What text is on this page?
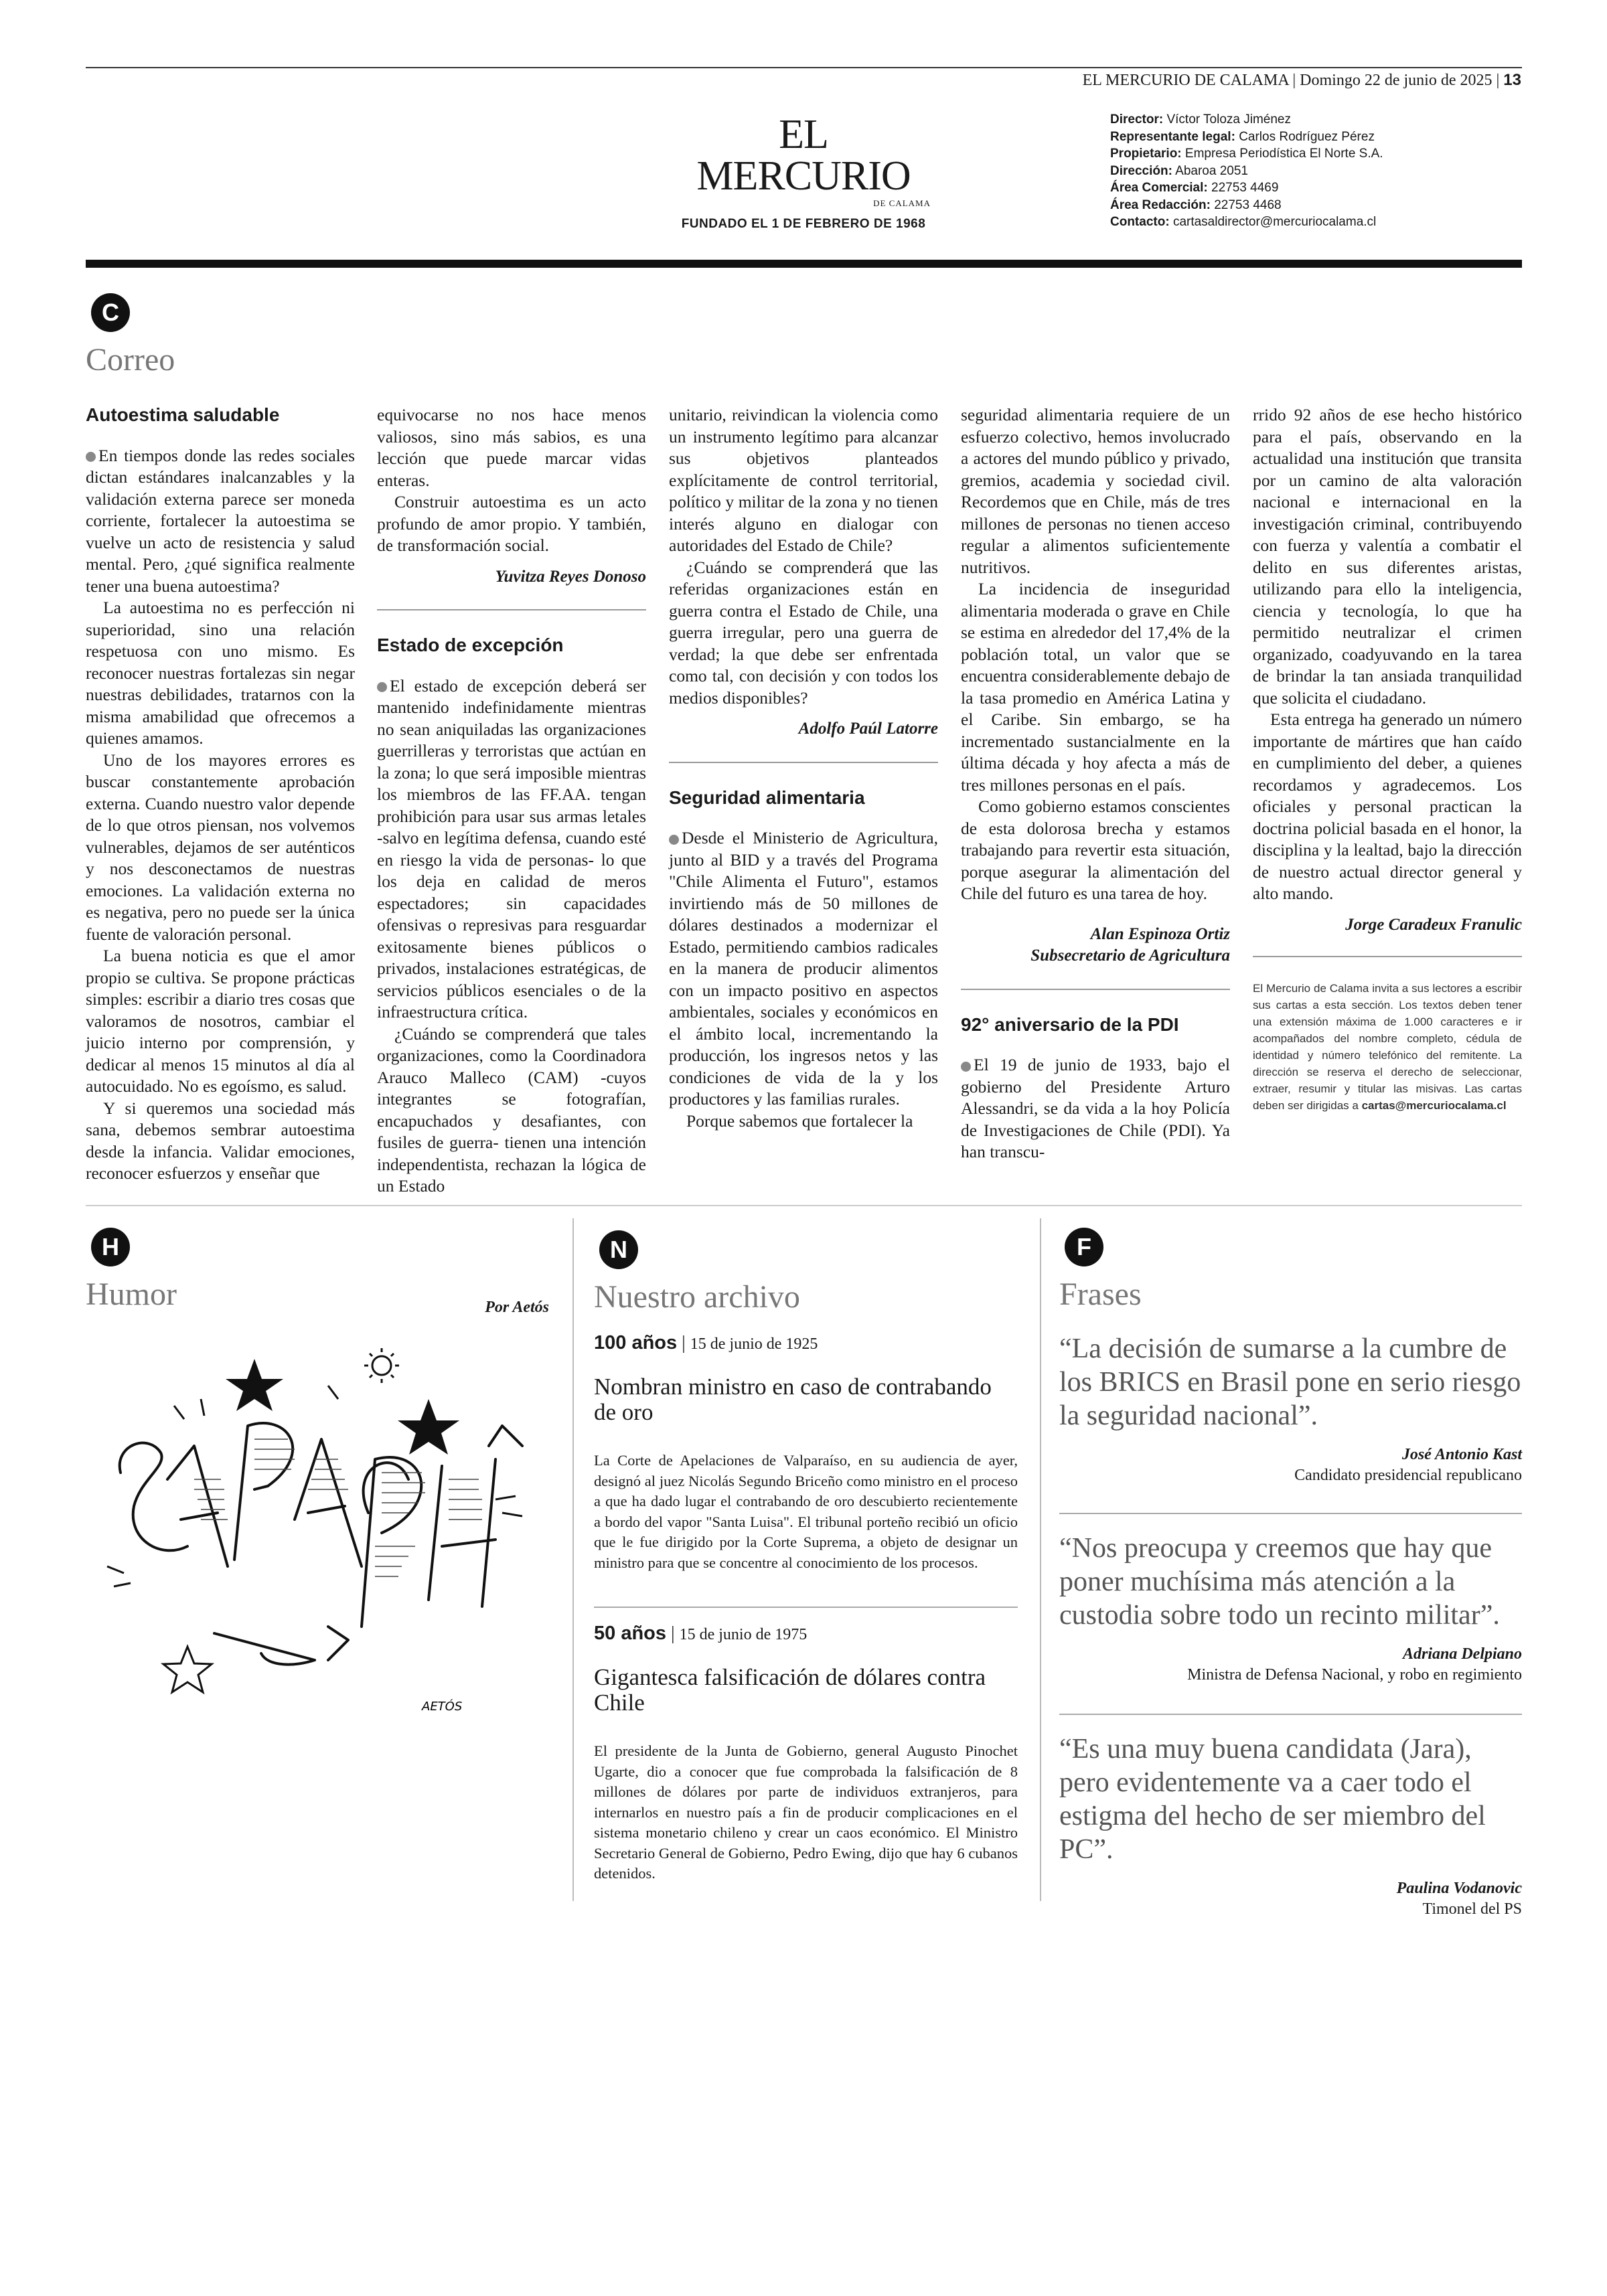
EL MERCURIO DE CALAMA | Domingo 22 de junio de 2025 | 13
EL MERCURIO
DE CALAMA
FUNDADO EL 1 DE FEBRERO DE 1968
Director: Víctor Toloza Jiménez
Representante legal: Carlos Rodríguez Pérez
Propietario: Empresa Periodística El Norte S.A.
Dirección: Abaroa 2051
Área Comercial: 22753 4469
Área Redacción: 22753 4468
Contacto: cartasaldirector@mercuriocalama.cl
C
Correo
Autoestima saludable

En tiempos donde las redes sociales dictan estándares inalcanzables y la validación externa parece ser moneda corriente, fortalecer la autoestima se vuelve un acto de resistencia y salud mental. Pero, ¿qué significa realmente tener una buena autoestima?

La autoestima no es perfección ni superioridad, sino una relación respetuosa con uno mismo. Es reconocer nuestras fortalezas sin negar nuestras debilidades, tratarnos con la misma amabilidad que ofrecemos a quienes amamos.

Uno de los mayores errores es buscar constantemente aprobación externa. Cuando nuestro valor depende de lo que otros piensan, nos volvemos vulnerables, dejamos de ser auténticos y nos desconectamos de nuestras emociones. La validación externa no es negativa, pero no puede ser la única fuente de valoración personal.

La buena noticia es que el amor propio se cultiva. Se propone prácticas simples: escribir a diario tres cosas que valoramos de nosotros, cambiar el juicio interno por comprensión, y dedicar al menos 15 minutos al día al autocuidado. No es egoísmo, es salud.

Y si queremos una sociedad más sana, debemos sembrar autoestima desde la infancia. Validar emociones, reconocer esfuerzos y enseñar que

equivocarse no nos hace menos valiosos, sino más sabios, es una lección que puede marcar vidas enteras.

Construir autoestima es un acto profundo de amor propio. Y también, de transformación social.

Yuvitza Reyes Donoso
Estado de excepción

El estado de excepción deberá ser mantenido indefinidamente mientras no sean aniquiladas las organizaciones guerrilleras y terroristas que actúan en la zona; lo que será imposible mientras los miembros de las FF.AA. tengan prohibición para usar sus armas letales -salvo en legítima defensa, cuando esté en riesgo la vida de personas- lo que los deja en calidad de meros espectadores; sin capacidades ofensivas o represivas para resguardar exitosamente bienes públicos o privados, instalaciones estratégicas, de servicios públicos esenciales o de la infraestructura crítica.

¿Cuándo se comprenderá que tales organizaciones, como la Coordinadora Arauco Malleco (CAM) -cuyos integrantes se fotografían, encapuchados y desafiantes, con fusiles de guerra- tienen una intención independentista, rechazan la lógica de un Estado

unitario, reivindican la violencia como un instrumento legítimo para alcanzar sus objetivos planteados explícitamente de control territorial, político y militar de la zona y no tienen interés alguno en dialogar con autoridades del Estado de Chile?

¿Cuándo se comprenderá que las referidas organizaciones están en guerra contra el Estado de Chile, una guerra irregular, pero una guerra de verdad; la que debe ser enfrentada como tal, con decisión y con todos los medios disponibles?

Adolfo Paúl Latorre
Seguridad alimentaria

Desde el Ministerio de Agricultura, junto al BID y a través del Programa "Chile Alimenta el Futuro", estamos invirtiendo más de 50 millones de dólares destinados a modernizar el Estado, permitiendo cambios radicales en la manera de producir alimentos con un impacto positivo en aspectos ambientales, sociales y económicos en el ámbito local, incrementando la producción, los ingresos netos y las condiciones de vida de la y los productores y las familias rurales.

Porque sabemos que fortalecer la

seguridad alimentaria requiere de un esfuerzo colectivo, hemos involucrado a actores del mundo público y privado, gremios, academia y sociedad civil. Recordemos que en Chile, más de tres millones de personas no tienen acceso regular a alimentos suficientemente nutritivos.

La incidencia de inseguridad alimentaria moderada o grave en Chile se estima en alrededor del 17,4% de la población total, un valor que se encuentra considerablemente debajo de la tasa promedio en América Latina y el Caribe. Sin embargo, se ha incrementado sustancialmente en la última década y hoy afecta a más de tres millones personas en el país.

Como gobierno estamos conscientes de esta dolorosa brecha y estamos trabajando para revertir esta situación, porque asegurar la alimentación del Chile del futuro es una tarea de hoy.

Alan Espinoza Ortiz
Subsecretario de Agricultura
92° aniversario de la PDI

El 19 de junio de 1933, bajo el gobierno del Presidente Arturo Alessandri, se da vida a la hoy Policía de Investigaciones de Chile (PDI). Ya han transcu-

rrido 92 años de ese hecho histórico para el país, observando en la actualidad una institución que transita por un camino de alta valoración nacional e internacional en la investigación criminal, contribuyendo con fuerza y valentía a combatir el delito en sus diferentes aristas, utilizando para ello la inteligencia, ciencia y tecnología, lo que ha permitido neutralizar el crimen organizado, coadyuvando en la tarea de brindar la tan ansiada tranquilidad que solicita el ciudadano.

Esta entrega ha generado un número importante de mártires que han caído en cumplimiento del deber, a quienes recordamos y agradecemos. Los oficiales y personal practican la doctrina policial basada en el honor, la disciplina y la lealtad, bajo la dirección de nuestro actual director general y alto mando.

Jorge Caradeux Franulic
El Mercurio de Calama invita a sus lectores a escribir sus cartas a esta sección. Los textos deben tener una extensión máxima de 1.000 caracteres e ir acompañados del nombre completo, cédula de identidad y número telefónico del remitente. La dirección se reserva el derecho de seleccionar, extraer, resumir y titular las misivas. Las cartas deben ser dirigidas a cartas@mercuriocalama.cl
H
Humor	Por Aetós
AETÓS
N
Nuestro archivo
100 años | 15 de junio de 1925
Nombran ministro en caso de contrabando de oro
La Corte de Apelaciones de Valparaíso, en su audiencia de ayer, designó al juez Nicolás Segundo Briceño como ministro en el proceso a que ha dado lugar el contrabando de oro descubierto recientemente a bordo del vapor "Santa Luisa". El tribunal porteño recibió un oficio que le fue dirigido por la Corte Suprema, a objeto de designar un ministro para que se concentre al conocimiento de los procesos.
50 años | 15 de junio de 1975
Gigantesca falsificación de dólares contra Chile
El presidente de la Junta de Gobierno, general Augusto Pinochet Ugarte, dio a conocer que fue comprobada la falsificación de 8 millones de dólares por parte de individuos extranjeros, para internarlos en nuestro país a fin de producir complicaciones en el sistema monetario chileno y crear un caos económico. El Ministro Secretario General de Gobierno, Pedro Ewing, dijo que hay 6 cubanos detenidos.
F
Frases
“La decisión de sumarse a la cumbre de los BRICS en Brasil pone en serio riesgo la seguridad nacional”.
José Antonio Kast
Candidato presidencial republicano
“Nos preocupa y creemos que hay que poner muchísima más atención a la custodia sobre todo un recinto militar”.
Adriana Delpiano
Ministra de Defensa Nacional, y robo en regimiento
“Es una muy buena candidata (Jara), pero evidentemente va a caer todo el estigma del hecho de ser miembro del PC”.
Paulina Vodanovic
Timonel del PS
